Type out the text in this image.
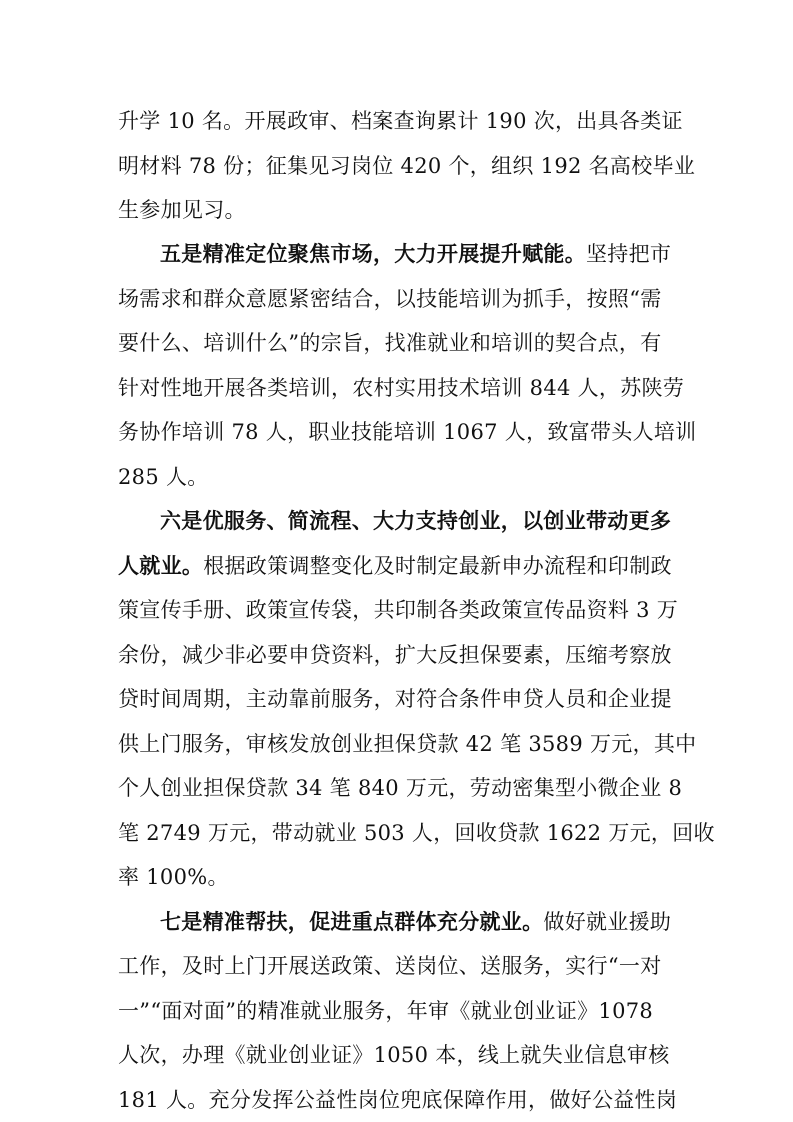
升学 10 名。开展政审、档案查询累计 190 次，出具各类证
明材料 78 份；征集见习岗位 420 个，组织 192 名高校毕业
生参加见习。
五是精准定位聚焦市场，大力开展提升赋能。坚持把市
场需求和群众意愿紧密结合，以技能培训为抓手，按照“需
要什么、培训什么”的宗旨，找准就业和培训的契合点，有
针对性地开展各类培训，农村实用技术培训 844 人，苏陕劳
务协作培训 78 人，职业技能培训 1067 人，致富带头人培训
285 人。
六是优服务、简流程、大力支持创业，以创业带动更多
人就业。根据政策调整变化及时制定最新申办流程和印制政
策宣传手册、政策宣传袋，共印制各类政策宣传品资料 3 万
余份，减少非必要申贷资料，扩大反担保要素，压缩考察放
贷时间周期，主动靠前服务，对符合条件申贷人员和企业提
供上门服务，审核发放创业担保贷款 42 笔 3589 万元，其中
个人创业担保贷款 34 笔 840 万元，劳动密集型小微企业 8
笔 2749 万元，带动就业 503 人，回收贷款 1622 万元，回收
率 100%。
七是精准帮扶，促进重点群体充分就业。做好就业援助
工作，及时上门开展送政策、送岗位、送服务，实行“一对
一”“面对面”的精准就业服务，年审《就业创业证》1078
人次，办理《就业创业证》1050 本，线上就失业信息审核
181 人。充分发挥公益性岗位兜底保障作用，做好公益性岗
